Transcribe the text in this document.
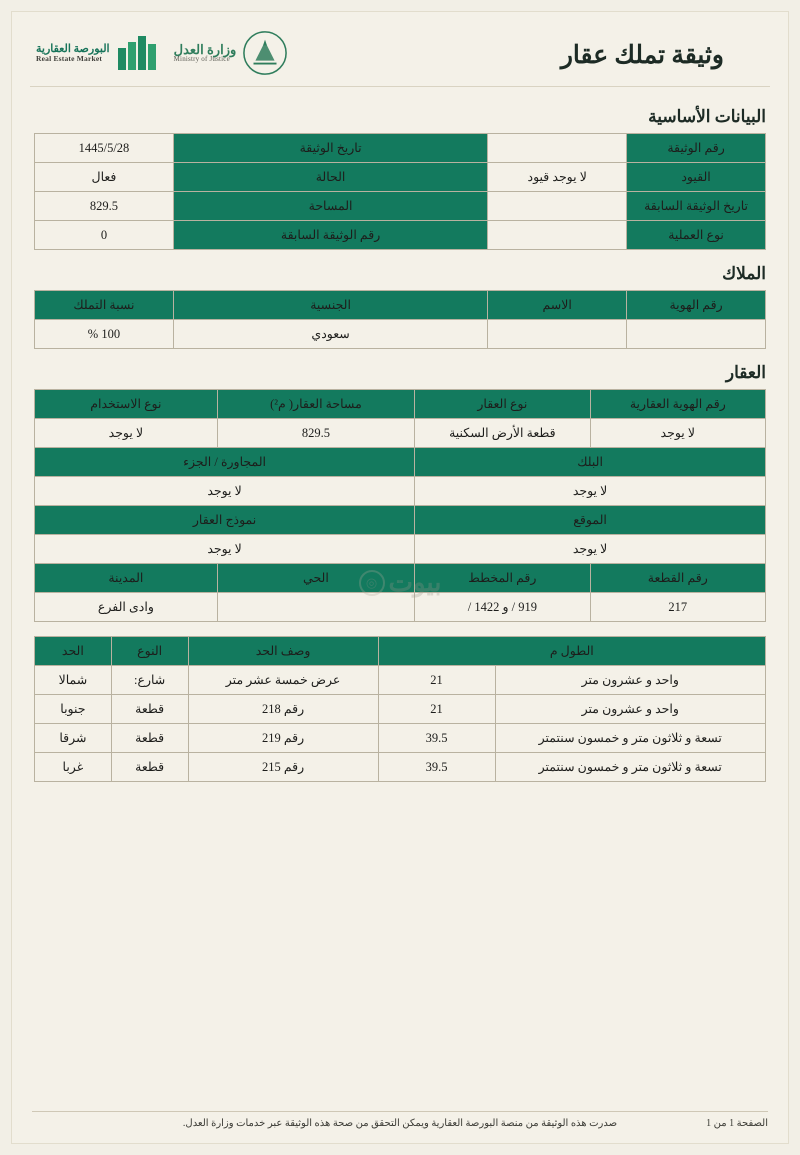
وثيقة تملك عقار
وزارة العدل
Ministry of Justice
البورصة العقارية
Real Estate Market
البيانات الأساسية
رقم الوثيقة		تاريخ الوثيقة	1445/5/28
القيود	لا يوجد قيود	الحالة	فعال
تاريخ الوثيقة السابقة		المساحة	829.5
نوع العملية		رقم الوثيقة السابقة	0
الملاك
رقم الهوية	الاسم	الجنسية	نسبة التملك
		سعودي	100 %
العقار
رقم الهوية العقارية	نوع العقار	مساحة العقار( م²)	نوع الاستخدام
لا يوجد	قطعة الأرض السكنية	829.5	لا يوجد
البلك		المجاورة / الجزء	
لا يوجد		لا يوجد	
الموقع		نموذج العقار	
لا يوجد		لا يوجد	
رقم القطعة	رقم المخطط	الحي	المدينة
217	919 / و 1422 /		وادى الفرع
الطول م		وصف الحد	النوع	الحد
واحد و عشرون متر	21	عرض خمسة عشر متر	شارع:	شمالا
واحد و عشرون متر	21	رقم 218	قطعة	جنوبا
تسعة و ثلاثون متر و خمسون سنتمتر	39.5	رقم 219	قطعة	شرقا
تسعة و ثلاثون متر و خمسون سنتمتر	39.5	رقم 215	قطعة	غربا
بيوت
◎
الصفحة 1 من 1
صدرت هذه الوثيقة من منصة البورصة العقارية ويمكن التحقق من صحة هذه الوثيقة عبر خدمات وزارة العدل.
